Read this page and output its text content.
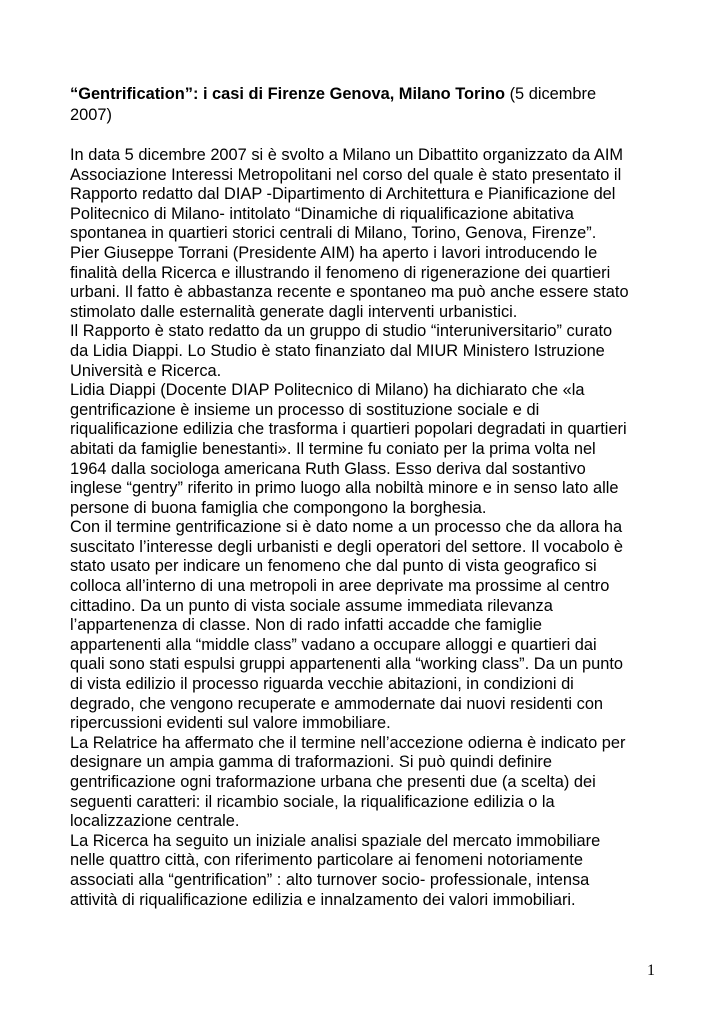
“Gentrification”: i casi di Firenze Genova, Milano Torino (5 dicembre
2007)
In data 5 dicembre 2007 si è svolto a Milano un Dibattito organizzato da AIM
Associazione Interessi Metropolitani nel corso del quale è stato presentato il
Rapporto redatto dal DIAP -Dipartimento di Architettura e Pianificazione del
Politecnico di Milano- intitolato “Dinamiche di riqualificazione abitativa
spontanea in quartieri storici centrali di Milano, Torino, Genova, Firenze”.
Pier Giuseppe Torrani (Presidente AIM) ha aperto i lavori introducendo le
finalità della Ricerca e illustrando il fenomeno di rigenerazione dei quartieri
urbani. Il fatto è abbastanza recente e spontaneo ma può anche essere stato
stimolato dalle esternalità generate dagli interventi urbanistici.
Il Rapporto è stato redatto da un gruppo di studio “interuniversitario” curato
da Lidia Diappi. Lo Studio è stato finanziato dal MIUR Ministero Istruzione
Università e Ricerca.
Lidia Diappi (Docente DIAP Politecnico di Milano) ha dichiarato che «la
gentrificazione è insieme un processo di sostituzione sociale e di
riqualificazione edilizia che trasforma i quartieri popolari degradati in quartieri
abitati da famiglie benestanti». Il termine fu coniato per la prima volta nel
1964 dalla sociologa americana Ruth Glass. Esso deriva dal sostantivo
inglese “gentry” riferito in primo luogo alla nobiltà minore e in senso lato alle
persone di buona famiglia che compongono la borghesia.
Con il termine gentrificazione si è dato nome a un processo che da allora ha
suscitato l’interesse degli urbanisti e degli operatori del settore. Il vocabolo è
stato usato per indicare un fenomeno che dal punto di vista geografico si
colloca all’interno di una metropoli in aree deprivate ma prossime al centro
cittadino. Da un punto di vista sociale assume immediata rilevanza
l’appartenenza di classe. Non di rado infatti accadde che famiglie
appartenenti alla “middle class” vadano a occupare alloggi e quartieri dai
quali sono stati espulsi gruppi appartenenti alla “working class”. Da un punto
di vista edilizio il processo riguarda vecchie abitazioni, in condizioni di
degrado, che vengono recuperate e ammodernate dai nuovi residenti con
ripercussioni evidenti sul valore immobiliare.
La Relatrice ha affermato che il termine nell’accezione odierna è indicato per
designare un ampia gamma di traformazioni. Si può quindi definire
gentrificazione ogni traformazione urbana che presenti due (a scelta) dei
seguenti caratteri: il ricambio sociale, la riqualificazione edilizia o la
localizzazione centrale.
La Ricerca ha seguito un iniziale analisi spaziale del mercato immobiliare
nelle quattro città, con riferimento particolare ai fenomeni notoriamente
associati alla “gentrification” : alto turnover socio- professionale, intensa
attività di riqualificazione edilizia e innalzamento dei valori immobiliari.
1
